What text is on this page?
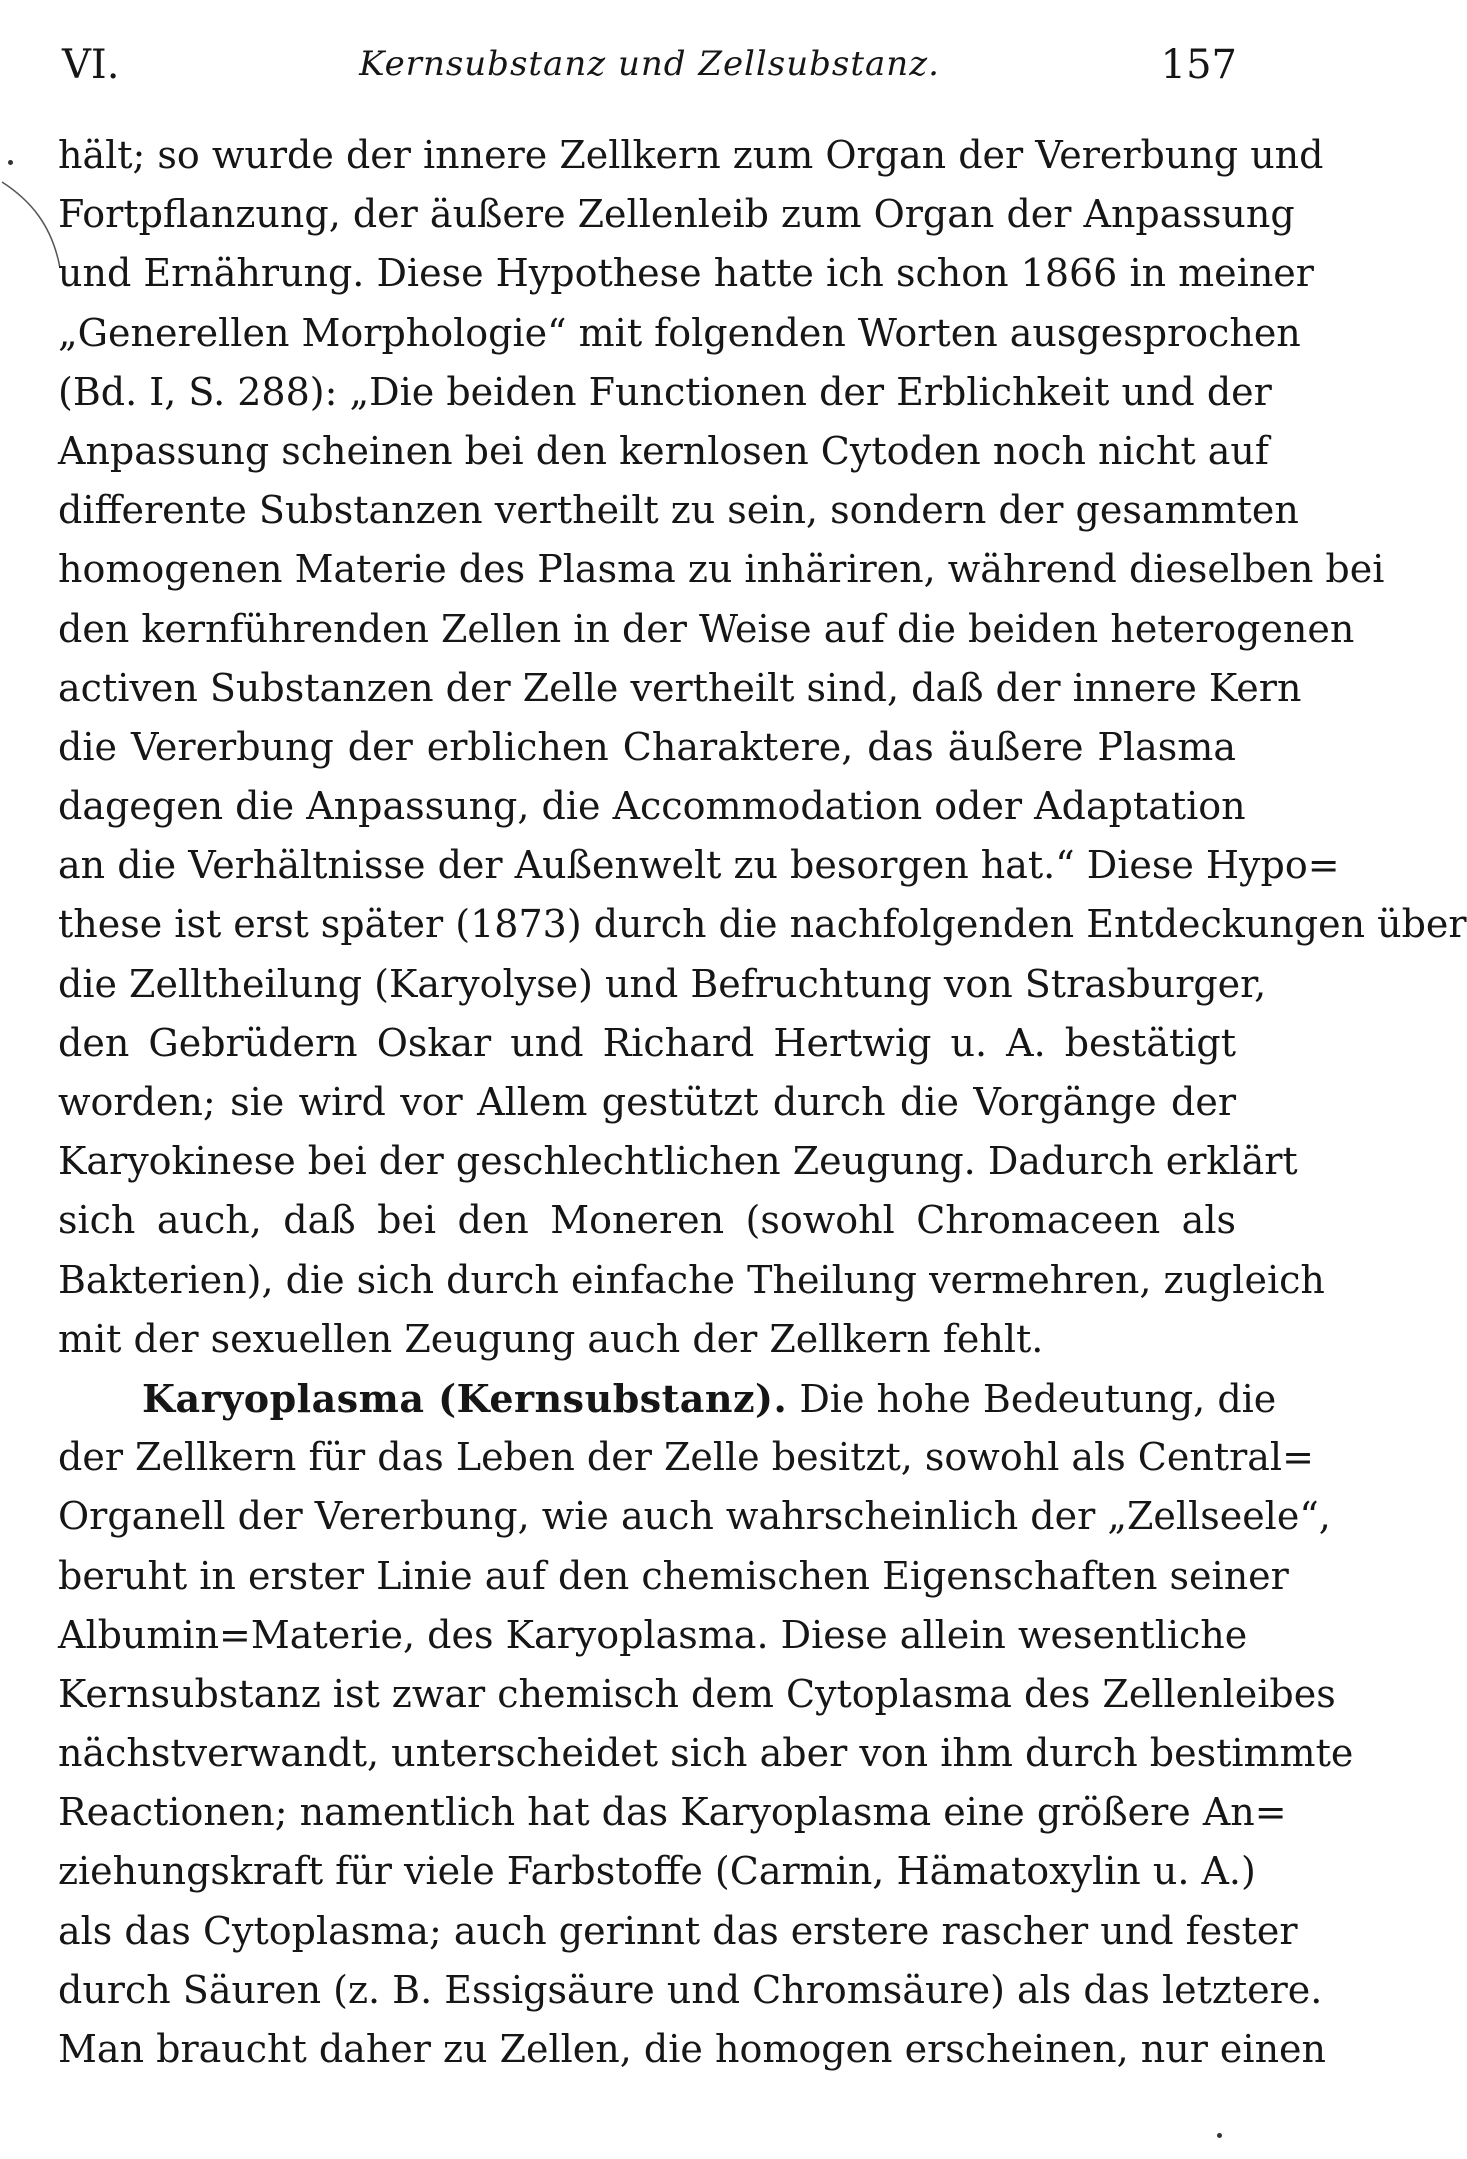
VI.	Kernsubstanz und Zellsubstanz.	157
hält; so wurde der innere Zellkern zum Organ der Vererbung und
Fortpflanzung, der äußere Zellenleib zum Organ der Anpassung
und Ernährung. Diese Hypothese hatte ich schon 1866 in meiner
„Generellen Morphologie“ mit folgenden Worten ausgesprochen
(Bd. I, S. 288): „Die beiden Functionen der Erblichkeit und der
Anpassung scheinen bei den kernlosen Cytoden noch nicht auf
differente Substanzen vertheilt zu sein, sondern der gesammten
homogenen Materie des Plasma zu inhäriren, während dieselben bei
den kernführenden Zellen in der Weise auf die beiden heterogenen
activen Substanzen der Zelle vertheilt sind, daß der innere Kern
die Vererbung der erblichen Charaktere, das äußere Plasma
dagegen die Anpassung, die Accommodation oder Adaptation
an die Verhältnisse der Außenwelt zu besorgen hat.“ Diese Hypo=
these ist erst später (1873) durch die nachfolgenden Entdeckungen über
die Zelltheilung (Karyolyse) und Befruchtung von Strasburger,
den Gebrüdern Oskar und Richard Hertwig u. A. bestätigt
worden; sie wird vor Allem gestützt durch die Vorgänge der
Karyokinese bei der geschlechtlichen Zeugung. Dadurch erklärt
sich auch, daß bei den Moneren (sowohl Chromaceen als
Bakterien), die sich durch einfache Theilung vermehren, zugleich
mit der sexuellen Zeugung auch der Zellkern fehlt.
Karyoplasma (Kernsubstanz). Die hohe Bedeutung, die
der Zellkern für das Leben der Zelle besitzt, sowohl als Central=
Organell der Vererbung, wie auch wahrscheinlich der „Zellseele“,
beruht in erster Linie auf den chemischen Eigenschaften seiner
Albumin=Materie, des Karyoplasma. Diese allein wesentliche
Kernsubstanz ist zwar chemisch dem Cytoplasma des Zellenleibes
nächstverwandt, unterscheidet sich aber von ihm durch bestimmte
Reactionen; namentlich hat das Karyoplasma eine größere An=
ziehungskraft für viele Farbstoffe (Carmin, Hämatoxylin u. A.)
als das Cytoplasma; auch gerinnt das erstere rascher und fester
durch Säuren (z. B. Essigsäure und Chromsäure) als das letztere.
Man braucht daher zu Zellen, die homogen erscheinen, nur einen
